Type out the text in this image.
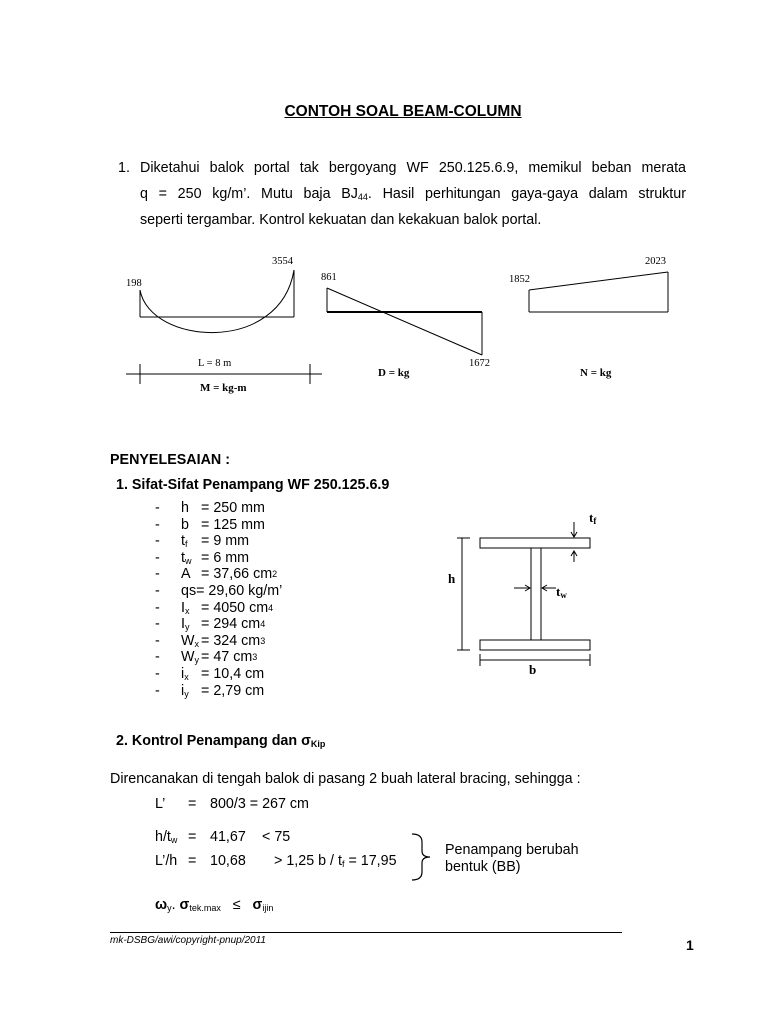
CONTOH SOAL BEAM-COLUMN
1. Diketahui balok portal tak bergoyang WF 250.125.6.9, memikul beban merata
q = 250 kg/m’. Mutu baja $BJ_{44}$. Hasil perhitungan gaya-gaya dalam struktur
seperti tergambar. Kontrol kekuatan dan kekakuan balok portal.
198
3554
L = 8 m
M = kg-m
861
1672
D = kg
1852
2023
N = kg
PENYELESAIAN :
1. Sifat-Sifat Penampang WF 250.125.6.9
-	h = 250 mm
-	b = 125 mm
-	$t_f = 9$ mm
-	$t_w = 6$ mm
-	A = 37,66 cm 2
-	qs = 29,60 kg/m’
-	$I_x = 4050$ cm 4
-	$I_y = 294$ cm 4
-	$W_x = 324$ cm 3
-	$W_y = 47$ cm 3
-	$i_x = 10,4$ cm
-	$i_y = 2,79$ cm
$t_f$
$t_w$
h
b
2. Kontrol Penampang dan $\sigma_{Kip}$
Direncanakan di tengah balok di pasang 2 buah lateral bracing, sehingga :
L’ = 800/3 = 267 cm
$h/t_w = 41,67 < 75$
L’/h = 10,68 > 1,25 $b / t_f = 17,95$
Penampang berubah
bentuk (BB)
$\omega_y$. $\sigma_{tek.max} \le \sigma_{ijin}$
mk-DSBG/awi/copyright-pnup/2011	1
